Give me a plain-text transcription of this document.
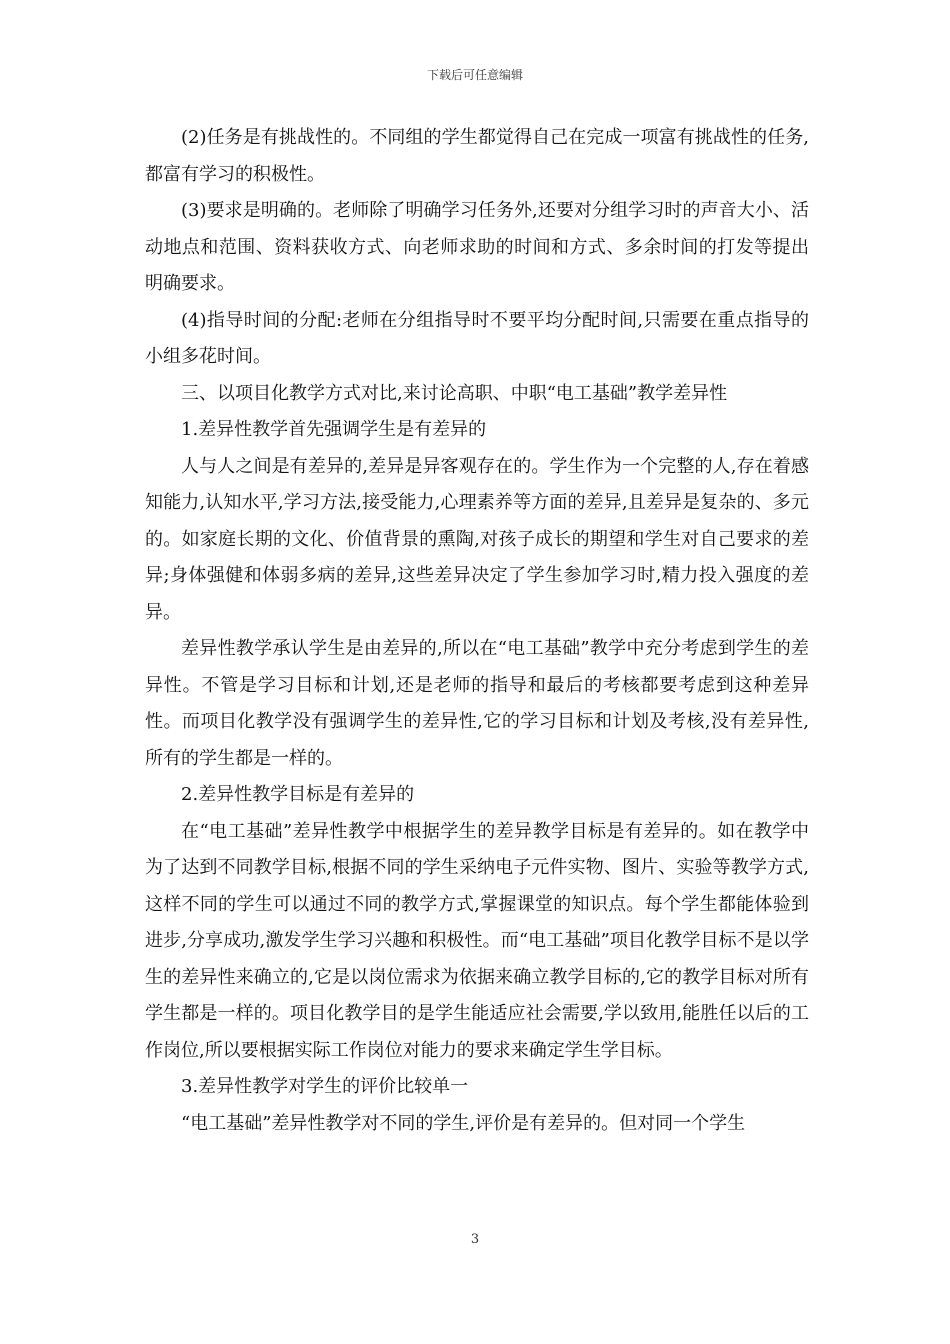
下载后可任意编辑

(2)任务是有挑战性的。不同组的学生都觉得自己在完成一项富有挑战性的任务,都富有学习的积极性。

(3)要求是明确的。老师除了明确学习任务外,还要对分组学习时的声音大小、活动地点和范围、资料获收方式、向老师求助的时间和方式、多余时间的打发等提出明确要求。

(4)指导时间的分配:老师在分组指导时不要平均分配时间,只需要在重点指导的小组多花时间。

三、以项目化教学方式对比,来讨论高职、中职“电工基础”教学差异性

1.差异性教学首先强调学生是有差异的

人与人之间是有差异的,差异是异客观存在的。学生作为一个完整的人,存在着感知能力,认知水平,学习方法,接受能力,心理素养等方面的差异,且差异是复杂的、多元的。如家庭长期的文化、价值背景的熏陶,对孩子成长的期望和学生对自己要求的差异;身体强健和体弱多病的差异,这些差异决定了学生参加学习时,精力投入强度的差异。

差异性教学承认学生是由差异的,所以在“电工基础”教学中充分考虑到学生的差异性。不管是学习目标和计划,还是老师的指导和最后的考核都要考虑到这种差异性。而项目化教学没有强调学生的差异性,它的学习目标和计划及考核,没有差异性,所有的学生都是一样的。

2.差异性教学目标是有差异的

在“电工基础”差异性教学中根据学生的差异教学目标是有差异的。如在教学中为了达到不同教学目标,根据不同的学生采纳电子元件实物、图片、实验等教学方式,这样不同的学生可以通过不同的教学方式,掌握课堂的知识点。每个学生都能体验到进步,分享成功,激发学生学习兴趣和积极性。而“电工基础”项目化教学目标不是以学生的差异性来确立的,它是以岗位需求为依据来确立教学目标的,它的教学目标对所有学生都是一样的。项目化教学目的是学生能适应社会需要,学以致用,能胜任以后的工作岗位,所以要根据实际工作岗位对能力的要求来确定学生学目标。

3.差异性教学对学生的评价比较单一

“电工基础”差异性教学对不同的学生,评价是有差异的。但对同一个学生

3
